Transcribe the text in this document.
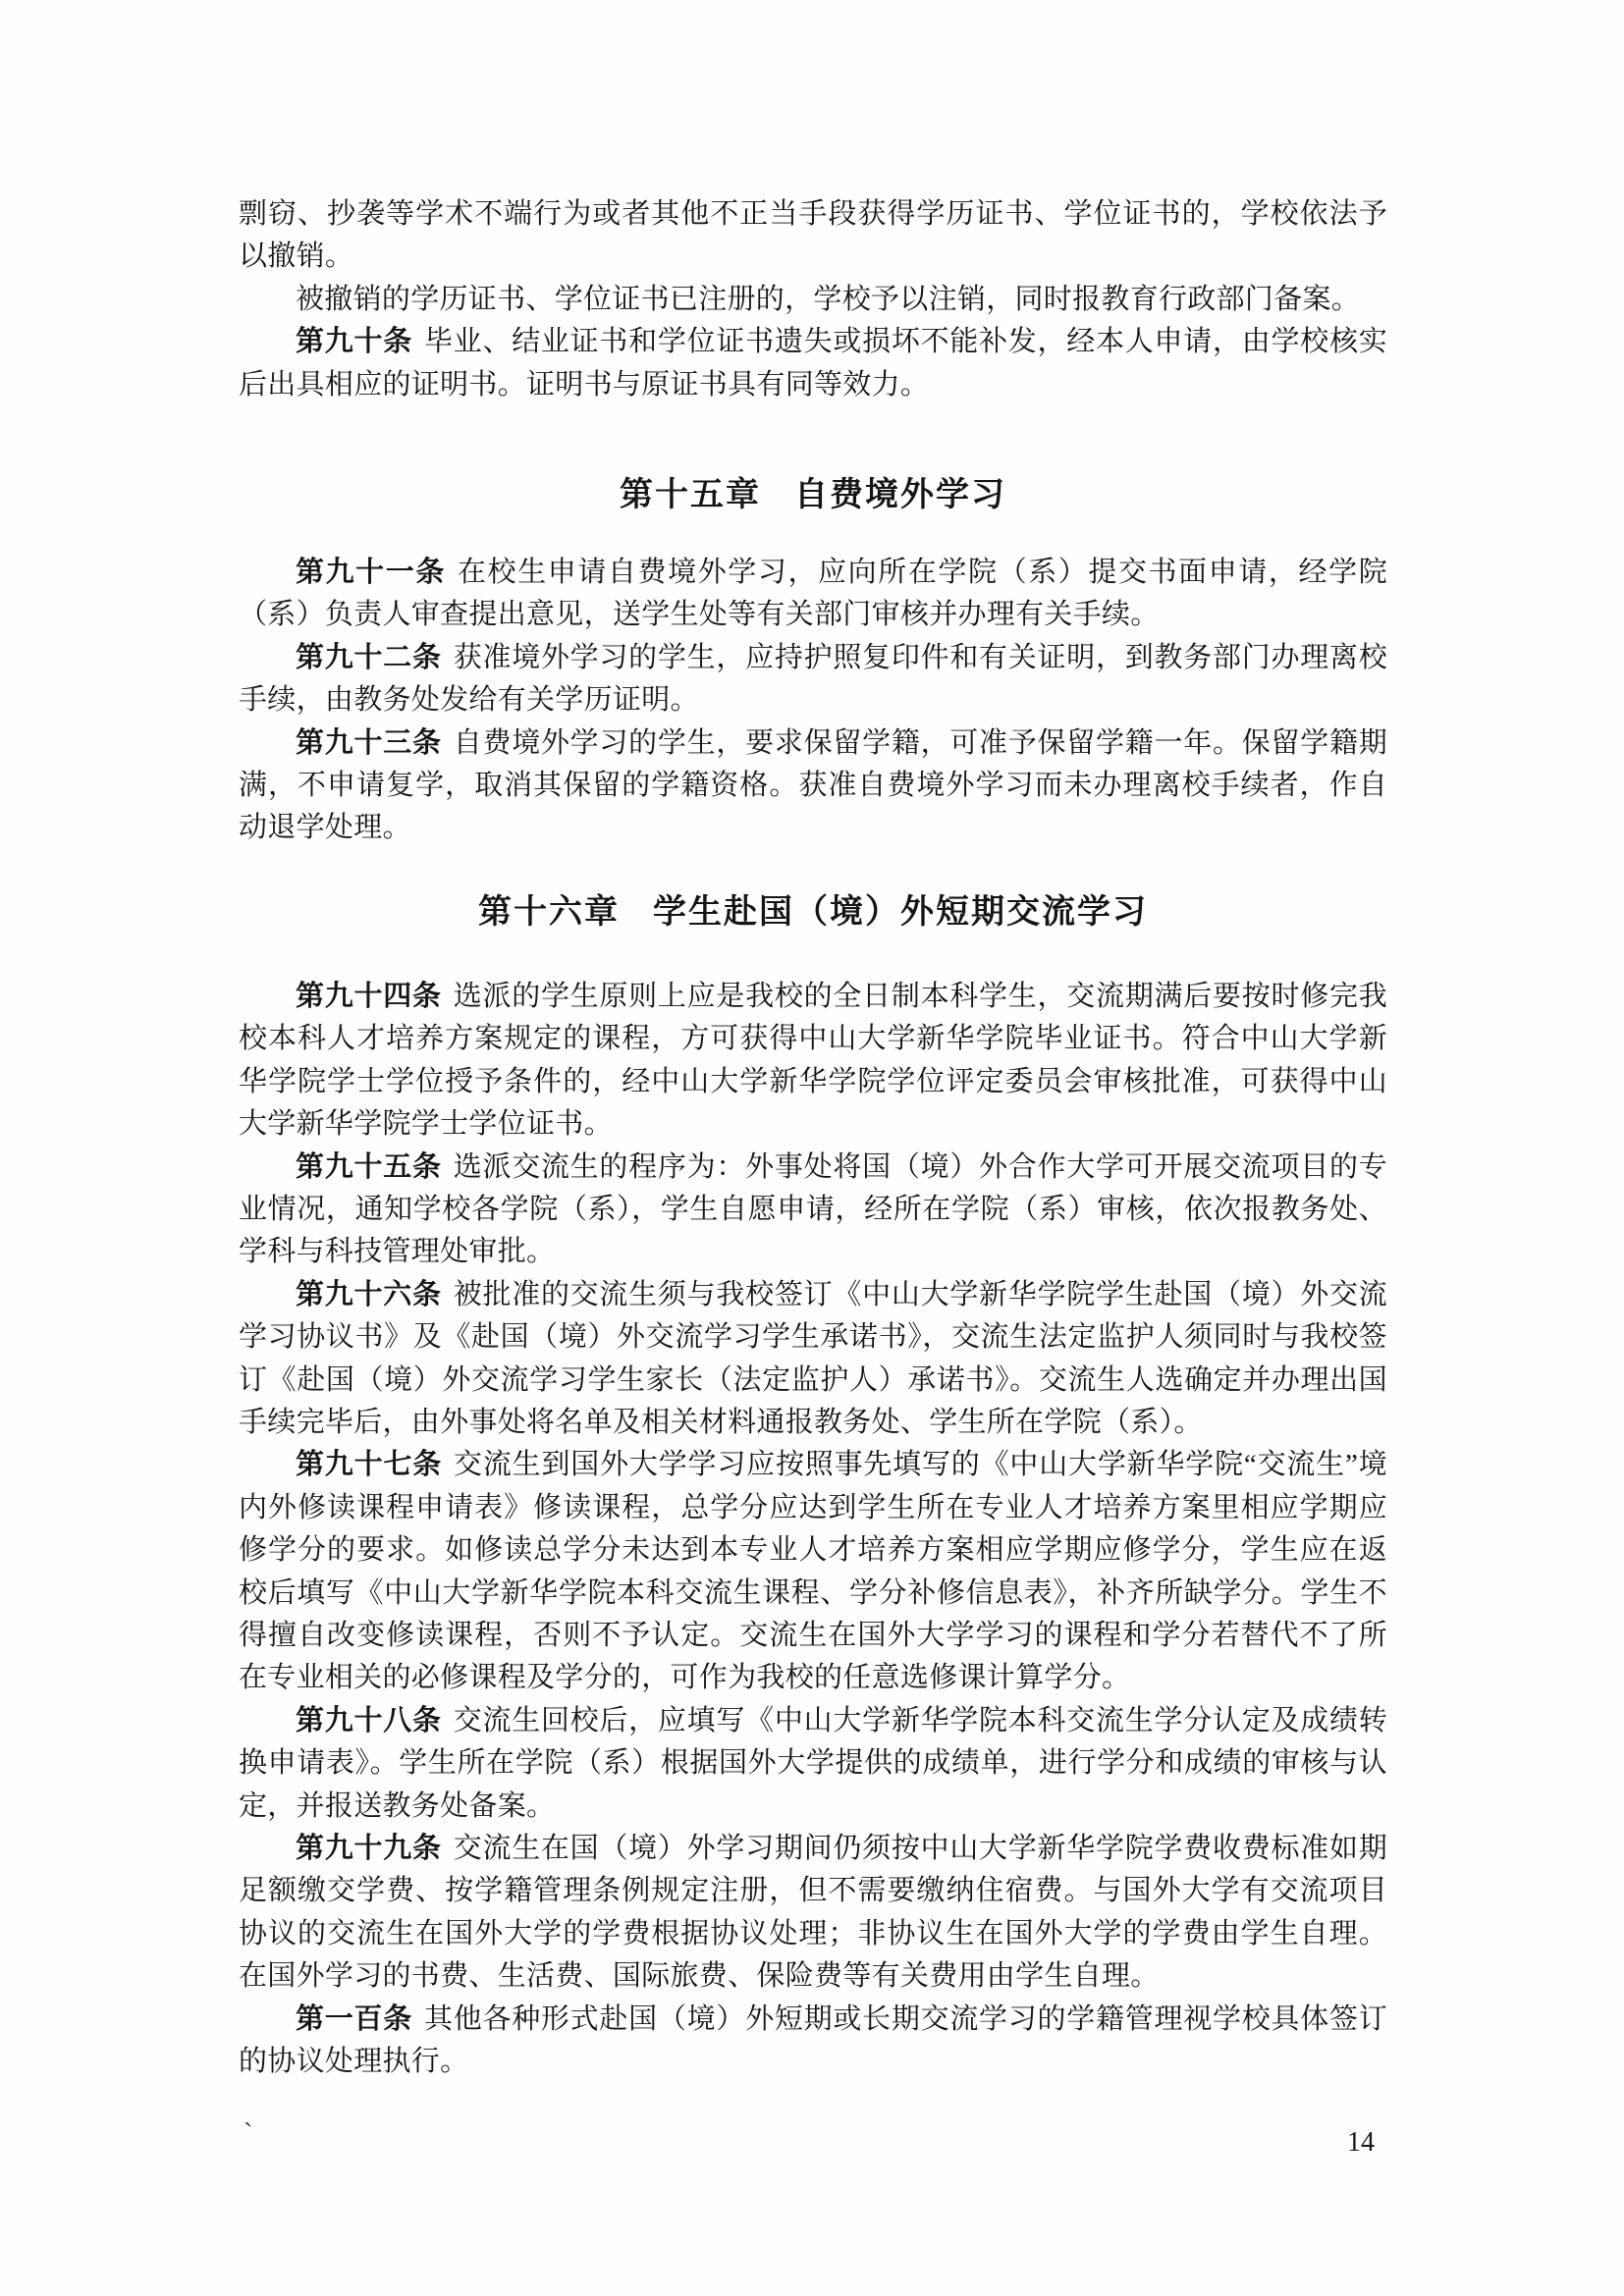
剽窃、抄袭等学术不端行为或者其他不正当手段获得学历证书、学位证书的，学校依法予以撤销。

被撤销的学历证书、学位证书已注册的，学校予以注销，同时报教育行政部门备案。

第九十条 毕业、结业证书和学位证书遗失或损坏不能补发，经本人申请，由学校核实后出具相应的证明书。证明书与原证书具有同等效力。

第十五章 自费境外学习

第九十一条 在校生申请自费境外学习，应向所在学院（系）提交书面申请，经学院（系）负责人审查提出意见，送学生处等有关部门审核并办理有关手续。

第九十二条 获准境外学习的学生，应持护照复印件和有关证明，到教务部门办理离校手续，由教务处发给有关学历证明。

第九十三条 自费境外学习的学生，要求保留学籍，可准予保留学籍一年。保留学籍期满，不申请复学，取消其保留的学籍资格。获准自费境外学习而未办理离校手续者，作自动退学处理。

第十六章 学生赴国（境）外短期交流学习

第九十四条 选派的学生原则上应是我校的全日制本科学生，交流期满后要按时修完我校本科人才培养方案规定的课程，方可获得中山大学新华学院毕业证书。符合中山大学新华学院学士学位授予条件的，经中山大学新华学院学位评定委员会审核批准，可获得中山大学新华学院学士学位证书。

第九十五条 选派交流生的程序为：外事处将国（境）外合作大学可开展交流项目的专业情况，通知学校各学院（系），学生自愿申请，经所在学院（系）审核，依次报教务处、学科与科技管理处审批。

第九十六条 被批准的交流生须与我校签订《中山大学新华学院学生赴国（境）外交流学习协议书》及《赴国（境）外交流学习学生承诺书》，交流生法定监护人须同时与我校签订《赴国（境）外交流学习学生家长（法定监护人）承诺书》。交流生人选确定并办理出国手续完毕后，由外事处将名单及相关材料通报教务处、学生所在学院（系）。

第九十七条 交流生到国外大学学习应按照事先填写的《中山大学新华学院“交流生”境内外修读课程申请表》修读课程，总学分应达到学生所在专业人才培养方案里相应学期应修学分的要求。如修读总学分未达到本专业人才培养方案相应学期应修学分，学生应在返校后填写《中山大学新华学院本科交流生课程、学分补修信息表》，补齐所缺学分。学生不得擅自改变修读课程，否则不予认定。交流生在国外大学学习的课程和学分若替代不了所在专业相关的必修课程及学分的，可作为我校的任意选修课计算学分。

第九十八条 交流生回校后，应填写《中山大学新华学院本科交流生学分认定及成绩转换申请表》。学生所在学院（系）根据国外大学提供的成绩单，进行学分和成绩的审核与认定，并报送教务处备案。

第九十九条 交流生在国（境）外学习期间仍须按中山大学新华学院学费收费标准如期足额缴交学费、按学籍管理条例规定注册，但不需要缴纳住宿费。与国外大学有交流项目协议的交流生在国外大学的学费根据协议处理；非协议生在国外大学的学费由学生自理。在国外学习的书费、生活费、国际旅费、保险费等有关费用由学生自理。

第一百条 其他各种形式赴国（境）外短期或长期交流学习的学籍管理视学校具体签订的协议处理执行。

`	14
